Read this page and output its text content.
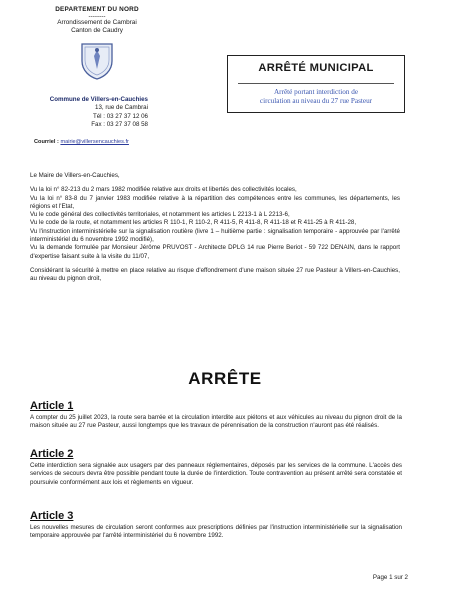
DEPARTEMENT DU NORD
--------
Arrondissement de Cambrai
Canton de Caudry
Commune de Villers-en-Cauchies
13, rue de Cambrai
Tél : 03 27 37 12 06
Fax : 03 27 37 08 58
Courriel : mairie@villersencauchies.fr
ARRÊTÉ MUNICIPAL
Arrêté portant interdiction de
circulation au niveau du 27 rue Pasteur

Le Maire de Villers-en-Cauchies,

Vu la loi n° 82-213 du 2 mars 1982 modifiée relative aux droits et libertés des collectivités locales,

Vu la loi n° 83-8 du 7 janvier 1983 modifiée relative à la répartition des compétences entre les communes, les départements, les régions et l'Etat,

Vu le code général des collectivités territoriales, et notamment les articles L 2213-1 à L 2213-6,

Vu le code de la route, et notamment les articles R 110-1, R 110-2, R 411-5, R 411-8, R 411-18 et R 411-25 à R 411-28,

Vu l'instruction interministérielle sur la signalisation routière (livre 1 – huitième partie : signalisation temporaire - approuvée par l'arrêté interministériel du 6 novembre 1992 modifié),

Vu la demande formulée par Monsieur Jérôme PRUVOST - Architecte DPLG 14 rue Pierre Beriot - 59 722 DENAIN, dans le rapport d'expertise faisant suite à la visite du 11/07,

Considérant la sécurité à mettre en place relative au risque d'effondrement d'une maison située 27 rue Pasteur à Villers-en-Cauchies, au niveau du pignon droit,

ARRÊTE
Article 1

A compter du 25 juillet 2023, la route sera barrée et la circulation interdite aux piétons et aux véhicules au niveau du pignon droit de la maison située au 27 rue Pasteur, aussi longtemps que les travaux de pérennisation de la construction n'auront pas été réalisés.

Article 2

Cette interdiction sera signalée aux usagers par des panneaux réglementaires, déposés par les services de la commune. L'accès des services de secours devra être possible pendant toute la durée de l'interdiction. Toute contravention au présent arrêté sera constatée et poursuivie conformément aux lois et règlements en vigueur.

Article 3

Les nouvelles mesures de circulation seront conformes aux prescriptions définies par l'instruction interministérielle sur la signalisation temporaire approuvée par l'arrêté interministériel du 6 novembre 1992.

Page 1 sur 2
